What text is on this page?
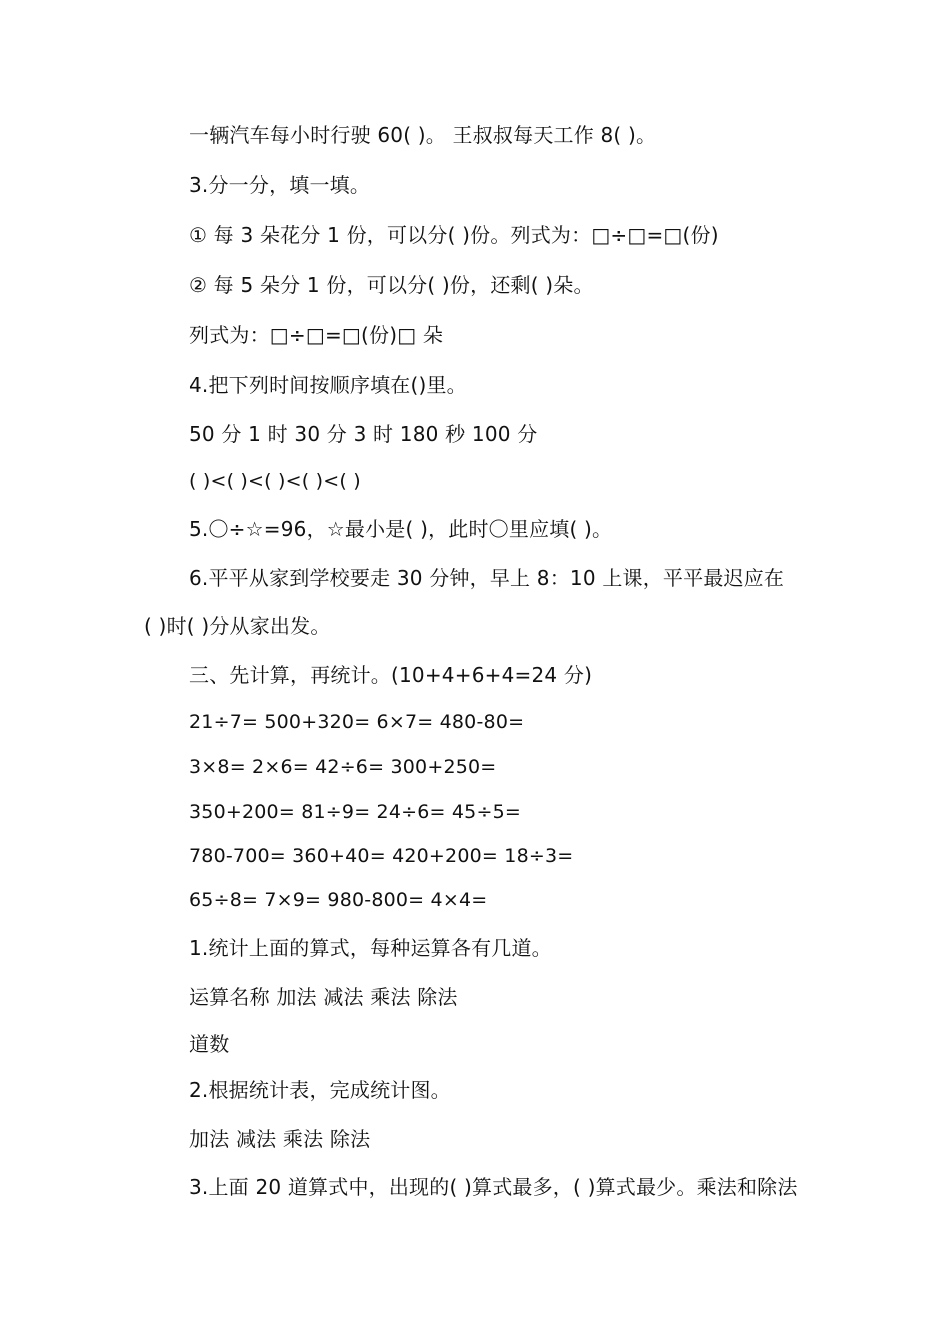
一辆汽车每小时行驶 60( )。 王叔叔每天工作 8( )。
3.分一分，填一填。
① 每 3 朵花分 1 份，可以分( )份。列式为：□÷□=□(份)
② 每 5 朵分 1 份，可以分( )份，还剩( )朵。
列式为：□÷□=□(份)□ 朵
4.把下列时间按顺序填在()里。
50 分 1 时 30 分 3 时 180 秒 100 分
( )<( )<( )<( )<( )
5.〇÷☆=96，☆最小是( )，此时〇里应填( )。
6.平平从家到学校要走 30 分钟，早上 8：10 上课，平平最迟应在
( )时( )分从家出发。
三、先计算，再统计。(10+4+6+4=24 分)
21÷7= 500+320= 6×7= 480-80=
3×8= 2×6= 42÷6= 300+250=
350+200= 81÷9= 24÷6= 45÷5=
780-700= 360+40= 420+200= 18÷3=
65÷8= 7×9= 980-800= 4×4=
1.统计上面的算式，每种运算各有几道。
运算名称 加法 减法 乘法 除法
道数
2.根据统计表，完成统计图。
加法 减法 乘法 除法
3.上面 20 道算式中，出现的( )算式最多，( )算式最少。乘法和除法
